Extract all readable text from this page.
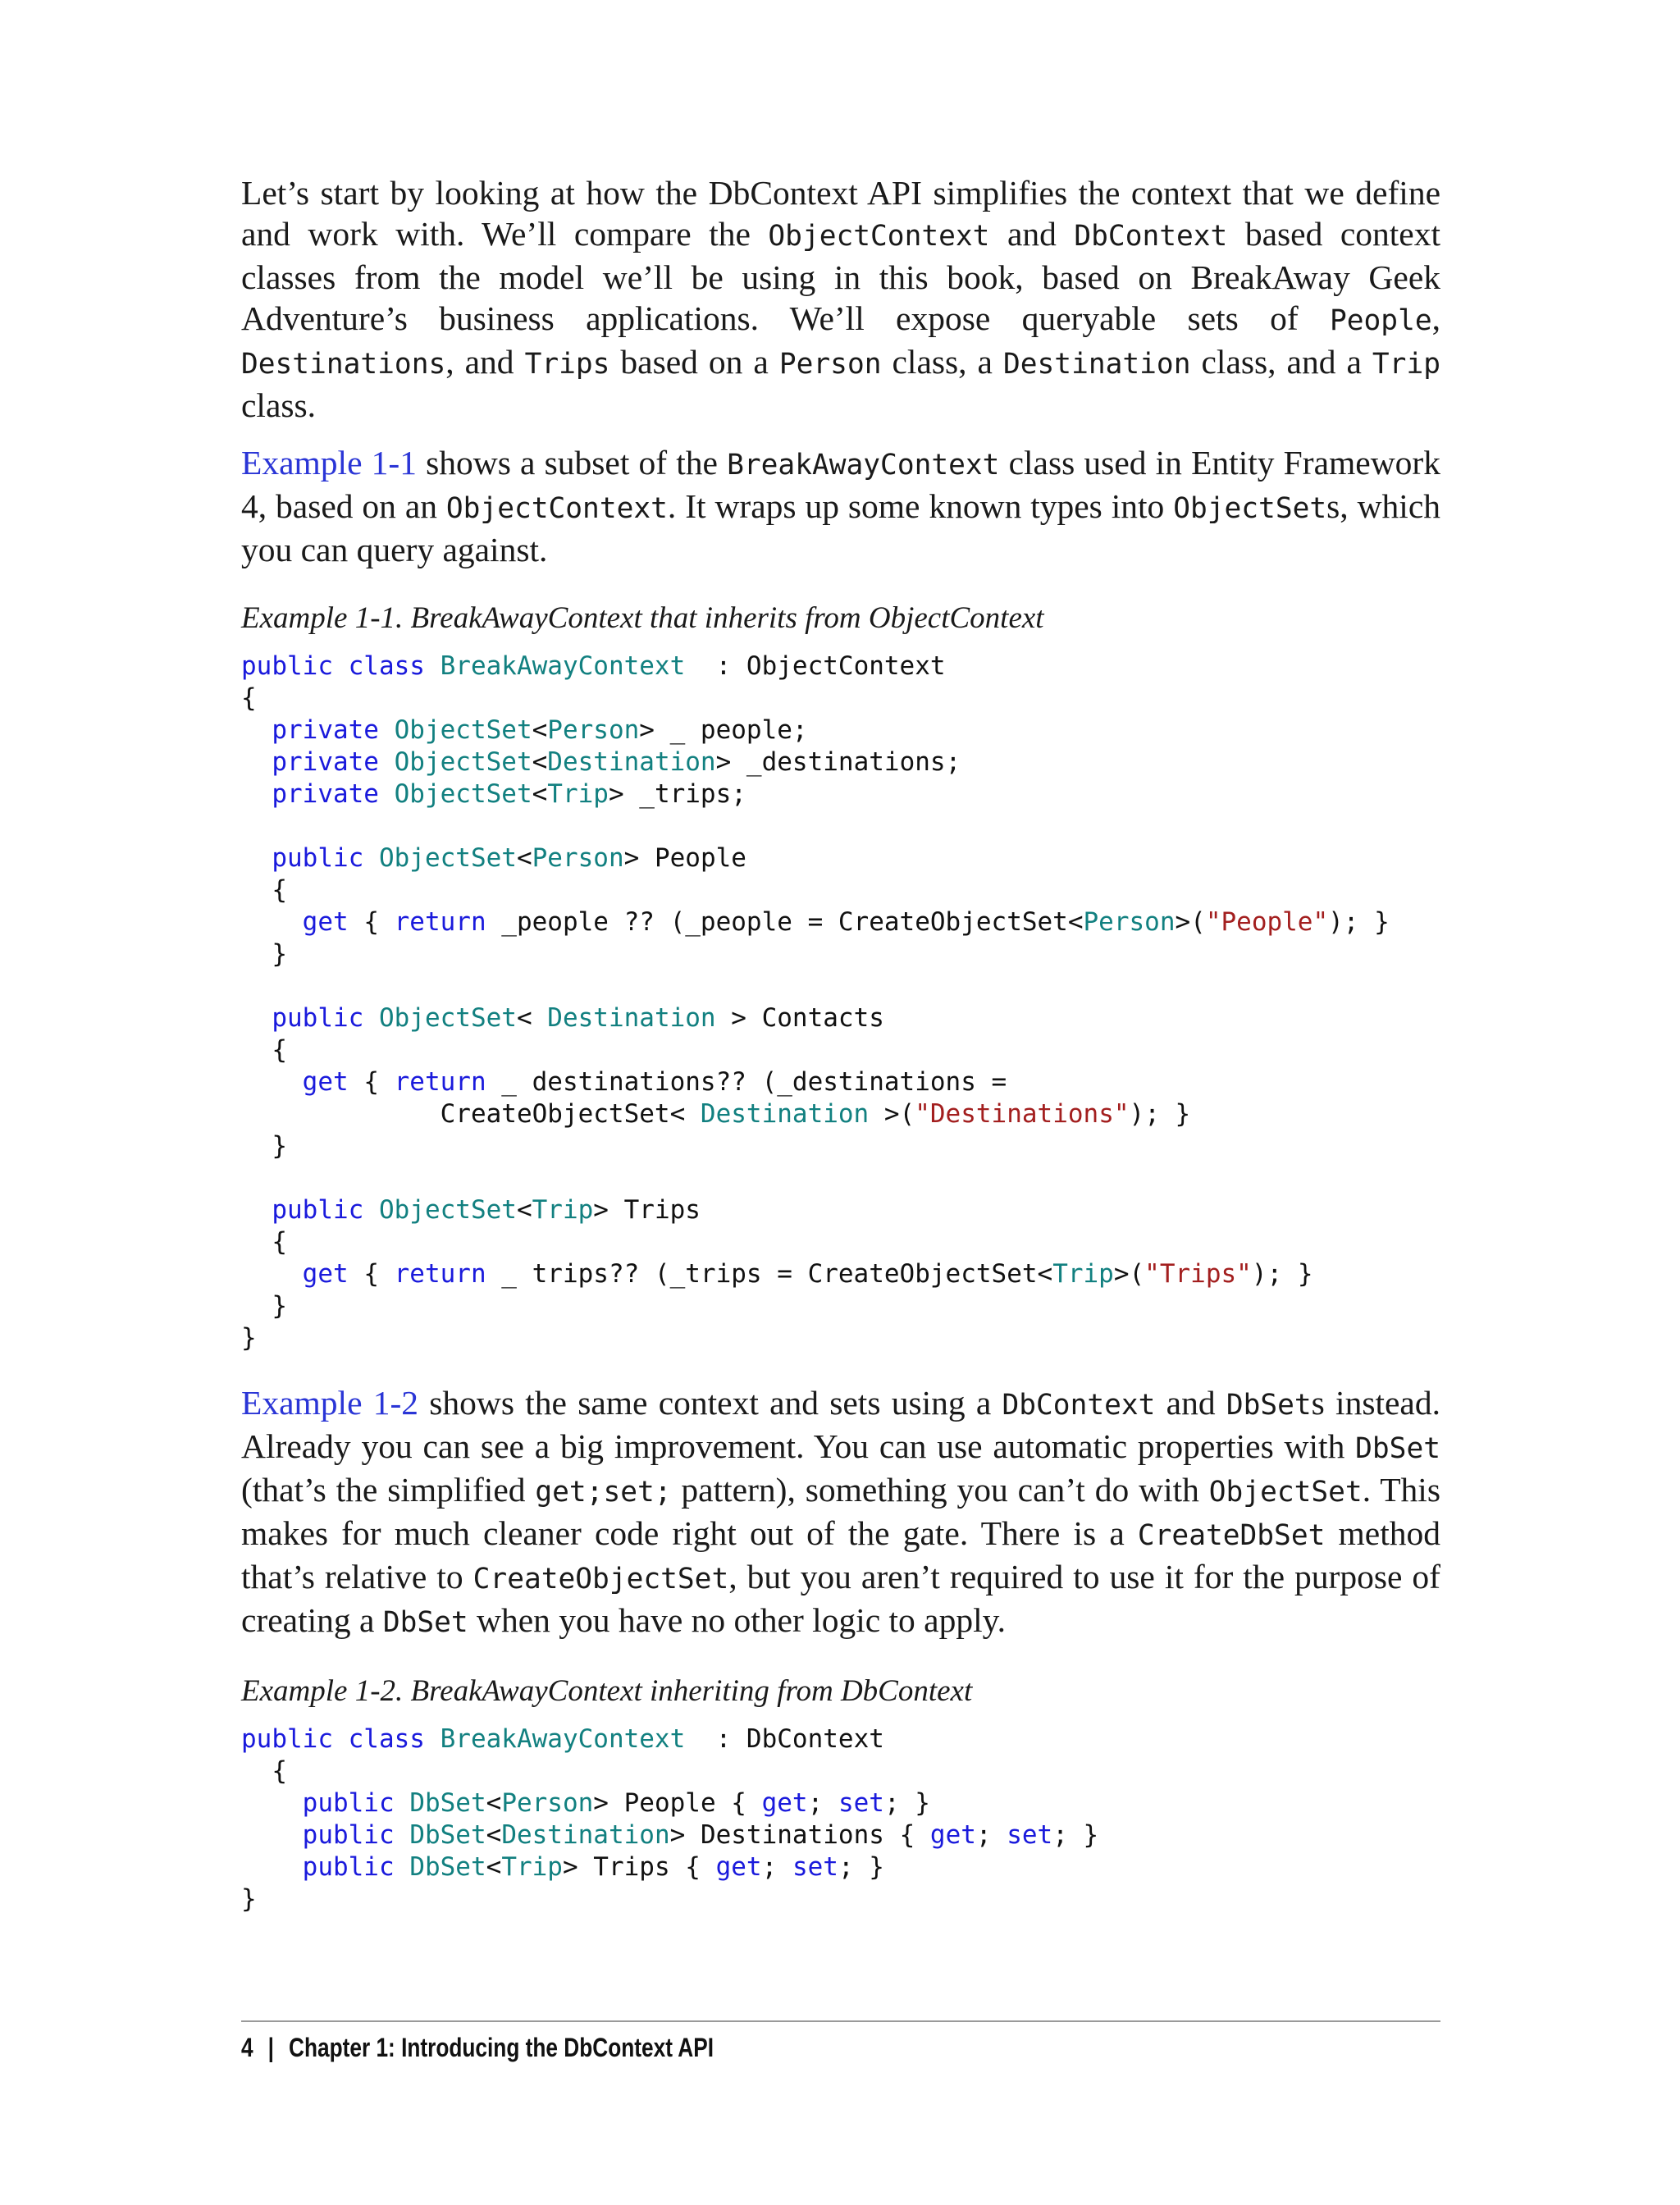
Let’s start by looking at how the DbContext API simplifies the context that we define and work with. We’ll compare the ObjectContext and DbContext based context classes from the model we’ll be using in this book, based on BreakAway Geek Adventure’s business applications. We’ll expose queryable sets of People, Destinations, and Trips based on a Person class, a Destination class, and a Trip class.

Example 1-1 shows a subset of the BreakAwayContext class used in Entity Framework 4, based on an ObjectContext. It wraps up some known types into ObjectSets, which you can query against.

Example 1-1. BreakAwayContext that inherits from ObjectContext
public class BreakAwayContext  : ObjectContext
{
private ObjectSet<Person> _ people;
private ObjectSet<Destination> _destinations;
private ObjectSet<Trip> _trips;

public ObjectSet<Person> People
{
get { return _people ?? (_people = CreateObjectSet<Person>("People"); }
}

public ObjectSet< Destination > Contacts
{
get { return _ destinations?? (_destinations =
CreateObjectSet< Destination >("Destinations"); }
}

public ObjectSet<Trip> Trips
{
get { return _ trips?? (_trips = CreateObjectSet<Trip>("Trips"); }
}
}

Example 1-2 shows the same context and sets using a DbContext and DbSets instead. Already you can see a big improvement. You can use automatic properties with DbSet (that’s the simplified get;set; pattern), something you can’t do with ObjectSet. This makes for much cleaner code right out of the gate. There is a CreateDbSet method that’s relative to CreateObjectSet, but you aren’t required to use it for the purpose of creating a DbSet when you have no other logic to apply.

Example 1-2. BreakAwayContext inheriting from DbContext
public class BreakAwayContext  : DbContext
{
public DbSet<Person> People { get; set; }
public DbSet<Destination> Destinations { get; set; }
public DbSet<Trip> Trips { get; set; }
}
4 | Chapter 1: Introducing the DbContext API
